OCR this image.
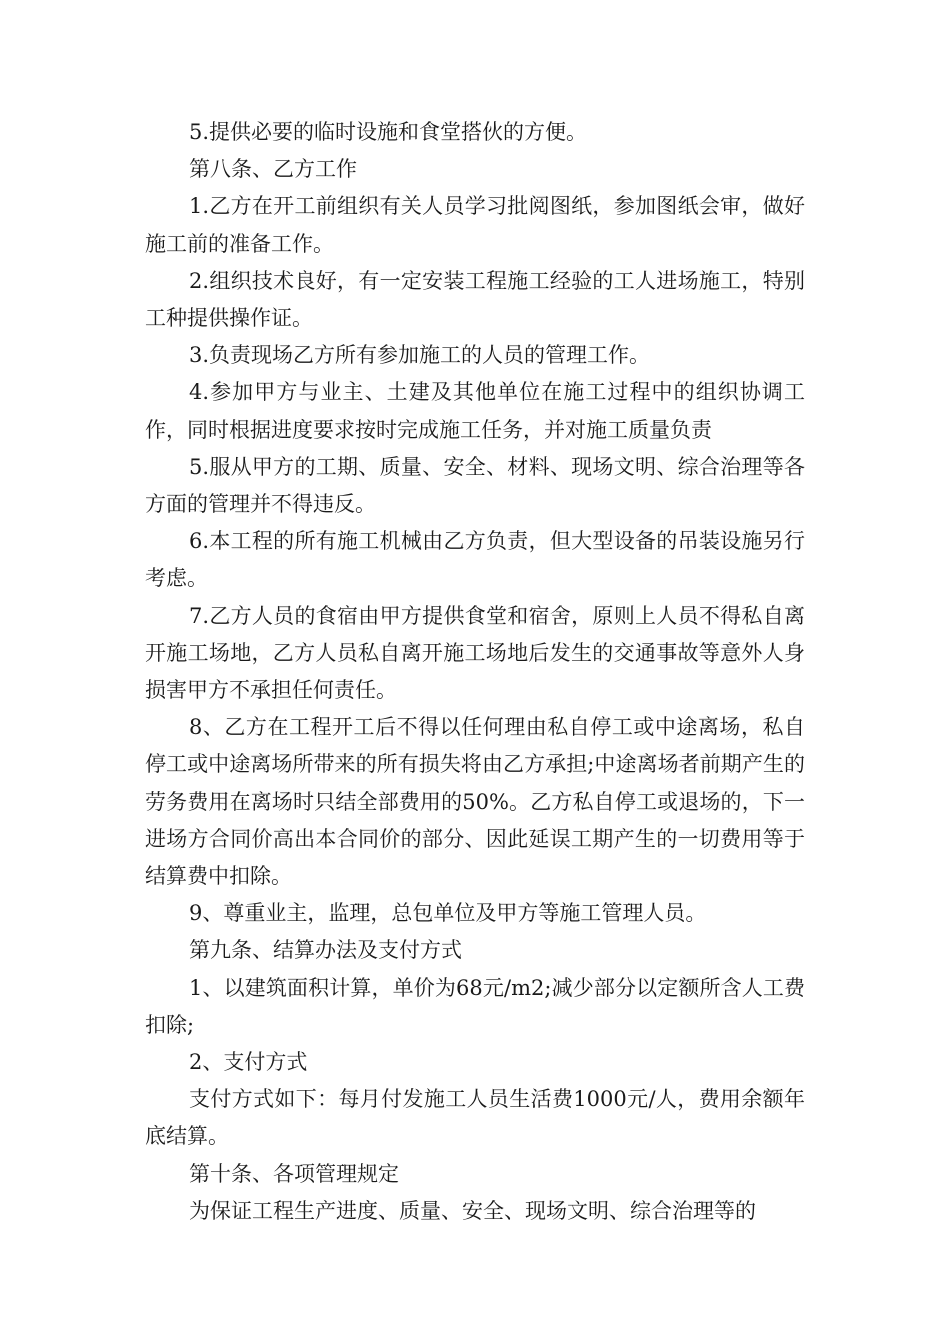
5.提供必要的临时设施和食堂搭伙的方便。

第八条、乙方工作

1.乙方在开工前组织有关人员学习批阅图纸，参加图纸会审，做好施工前的准备工作。

2.组织技术良好，有一定安装工程施工经验的工人进场施工，特别工种提供操作证。

3.负责现场乙方所有参加施工的人员的管理工作。

4.参加甲方与业主、土建及其他单位在施工过程中的组织协调工作，同时根据进度要求按时完成施工任务，并对施工质量负责

5.服从甲方的工期、质量、安全、材料、现场文明、综合治理等各方面的管理并不得违反。

6.本工程的所有施工机械由乙方负责，但大型设备的吊装设施另行考虑。

7.乙方人员的食宿由甲方提供食堂和宿舍，原则上人员不得私自离开施工场地，乙方人员私自离开施工场地后发生的交通事故等意外人身损害甲方不承担任何责任。

8、乙方在工程开工后不得以任何理由私自停工或中途离场，私自停工或中途离场所带来的所有损失将由乙方承担;中途离场者前期产生的劳务费用在离场时只结全部费用的50%。乙方私自停工或退场的，下一进场方合同价高出本合同价的部分、因此延误工期产生的一切费用等于结算费中扣除。

9、尊重业主，监理，总包单位及甲方等施工管理人员。

第九条、结算办法及支付方式

1、以建筑面积计算，单价为68元/m2;减少部分以定额所含人工费扣除;

2、支付方式

支付方式如下：每月付发施工人员生活费1000元/人，费用余额年底结算。

第十条、各项管理规定

为保证工程生产进度、质量、安全、现场文明、综合治理等的
